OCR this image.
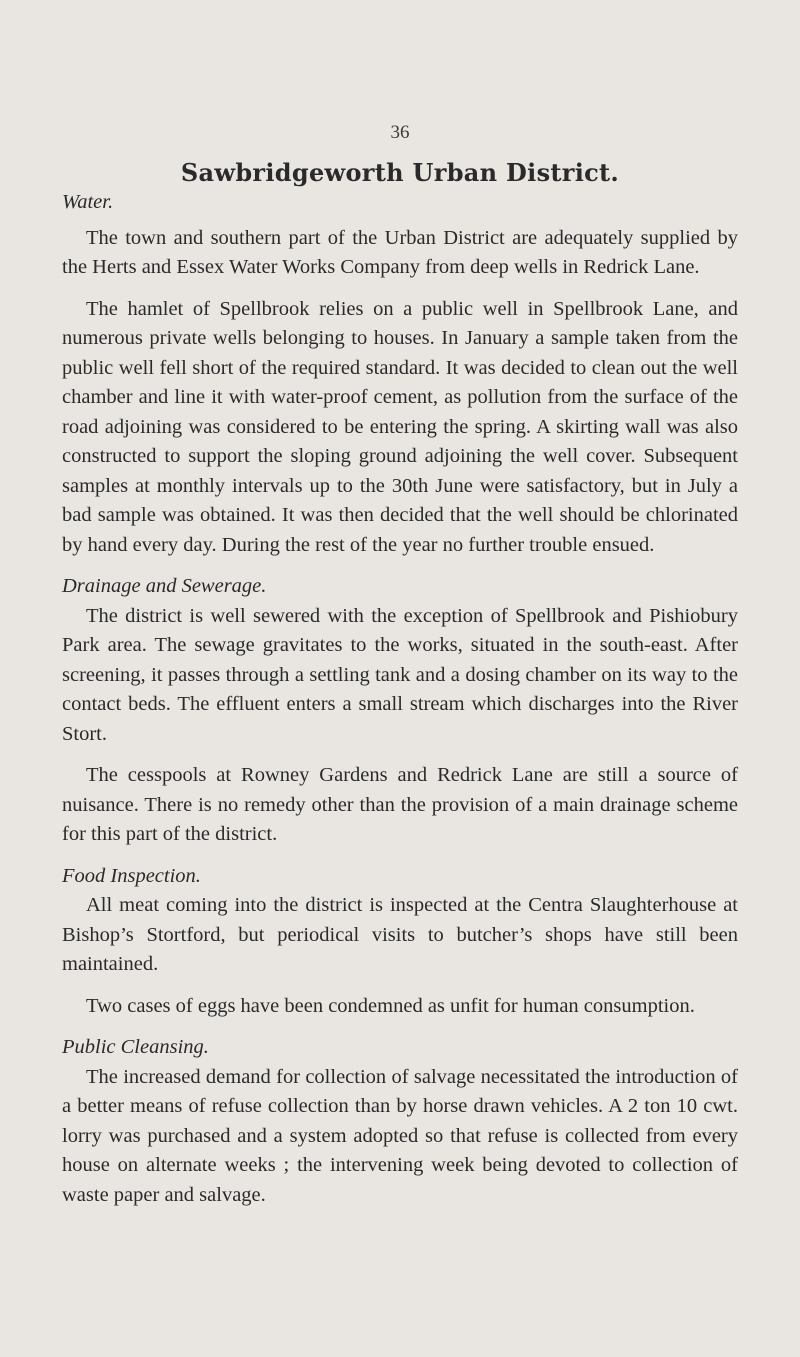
36
Sawbridgeworth Urban District.
Water.

The town and southern part of the Urban District are adequately supplied by the Herts and Essex Water Works Company from deep wells in Redrick Lane.

The hamlet of Spellbrook relies on a public well in Spellbrook Lane, and numerous private wells belonging to houses. In January a sample taken from the public well fell short of the required standard. It was decided to clean out the well chamber and line it with water-proof cement, as pollution from the surface of the road adjoining was considered to be entering the spring. A skirting wall was also constructed to support the sloping ground adjoining the well cover. Subsequent samples at monthly intervals up to the 30th June were satisfactory, but in July a bad sample was obtained. It was then decided that the well should be chlorinated by hand every day. During the rest of the year no further trouble ensued.

Drainage and Sewerage.

The district is well sewered with the exception of Spellbrook and Pishiobury Park area. The sewage gravitates to the works, situated in the south-east. After screening, it passes through a settling tank and a dosing chamber on its way to the contact beds. The effluent enters a small stream which discharges into the River Stort.

The cesspools at Rowney Gardens and Redrick Lane are still a source of nuisance. There is no remedy other than the provision of a main drainage scheme for this part of the district.

Food Inspection.

All meat coming into the district is inspected at the Centra Slaughterhouse at Bishop’s Stortford, but periodical visits to butcher’s shops have still been maintained.

Two cases of eggs have been condemned as unfit for human consumption.

Public Cleansing.

The increased demand for collection of salvage necessitated the introduction of a better means of refuse collection than by horse drawn vehicles. A 2 ton 10 cwt. lorry was purchased and a system adopted so that refuse is collected from every house on alternate weeks ; the intervening week being devoted to collection of waste paper and salvage.
